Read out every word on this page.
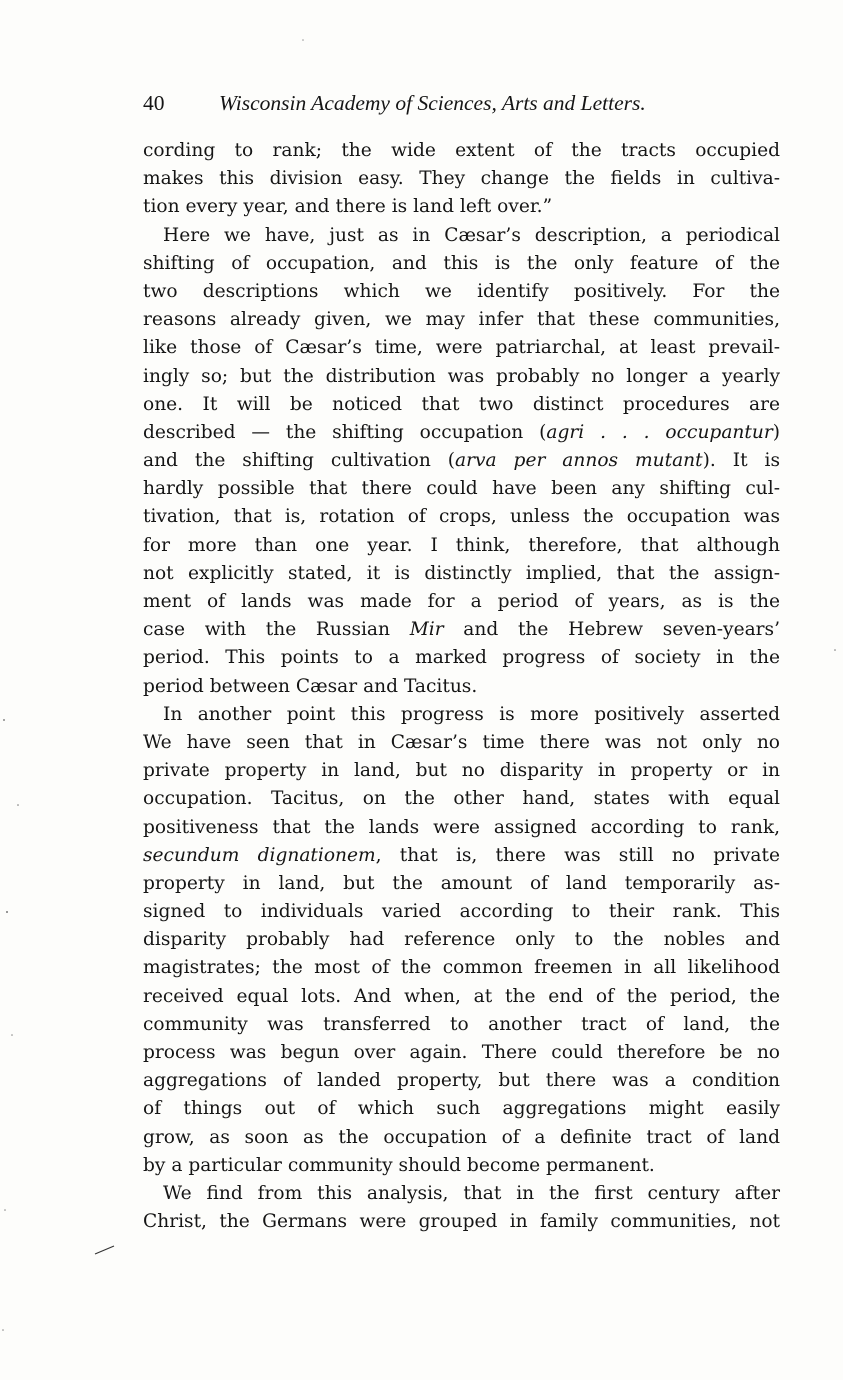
40	Wisconsin Academy of Sciences, Arts and Letters.
cording to rank; the wide extent of the tracts occupied
makes this division easy. They change the fields in cultiva-
tion every year, and there is land left over.”
Here we have, just as in Cæsar’s description, a periodical
shifting of occupation, and this is the only feature of the
two descriptions which we identify positively. For the
reasons already given, we may infer that these communities,
like those of Cæsar’s time, were patriarchal, at least prevail-
ingly so; but the distribution was probably no longer a yearly
one. It will be noticed that two distinct procedures are
described — the shifting occupation (agri . . . occupantur)
and the shifting cultivation (arva per annos mutant). It is
hardly possible that there could have been any shifting cul-
tivation, that is, rotation of crops, unless the occupation was
for more than one year. I think, therefore, that although
not explicitly stated, it is distinctly implied, that the assign-
ment of lands was made for a period of years, as is the
case with the Russian Mir and the Hebrew seven-years’
period. This points to a marked progress of society in the
period between Cæsar and Tacitus.
In another point this progress is more positively asserted
We have seen that in Cæsar’s time there was not only no
private property in land, but no disparity in property or in
occupation. Tacitus, on the other hand, states with equal
positiveness that the lands were assigned according to rank,
secundum dignationem, that is, there was still no private
property in land, but the amount of land temporarily as-
signed to individuals varied according to their rank. This
disparity probably had reference only to the nobles and
magistrates; the most of the common freemen in all likelihood
received equal lots. And when, at the end of the period, the
community was transferred to another tract of land, the
process was begun over again. There could therefore be no
aggregations of landed property, but there was a condition
of things out of which such aggregations might easily
grow, as soon as the occupation of a definite tract of land
by a particular community should become permanent.
We find from this analysis, that in the first century after
Christ, the Germans were grouped in family communities, not
